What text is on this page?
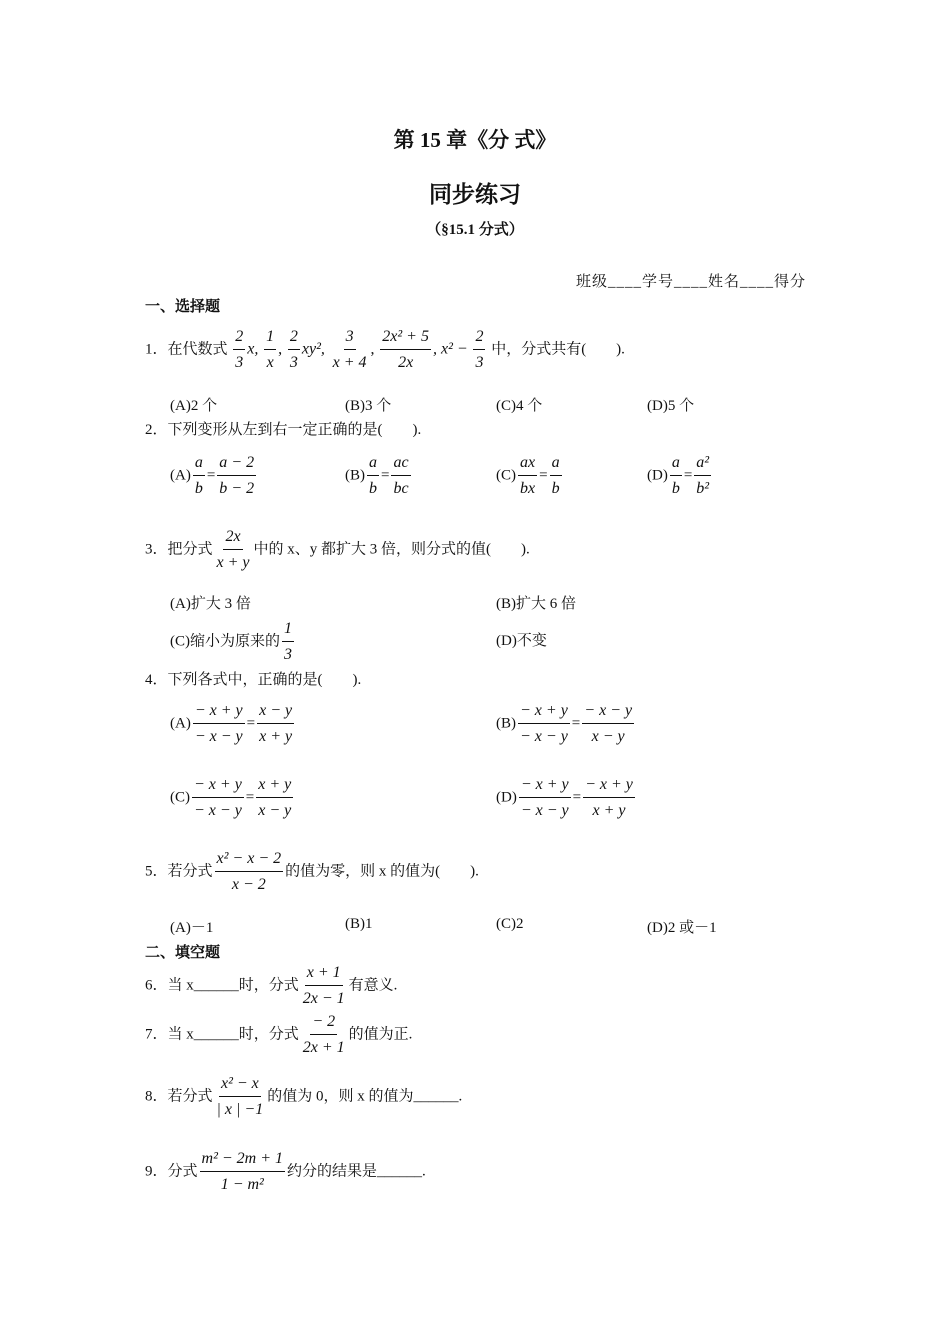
第 15 章《分 式》
同步练习
（§15.1 分式）
班级____学号____姓名____得分
一、选择题
1．在代数式 $\frac{2}{3} x$, $\frac{1}{x}$ , $\frac{2}{3} xy^2$, $\frac{3}{x + 4}$ , $\frac{\text{2x² + 5}}{2x}$ , $x^2 - \frac{2}{3}$ 中，分式共有(　　).
(A)2 个	(B)3 个	(C)4 个	(D)5 个
2．下列变形从左到右一定正确的是(　　).
$(A) \frac{a}{b} = \frac{a - 2}{b - 2}$	$(B) \frac{a}{b} = \frac{ac}{bc}$	$(C) \frac{ax}{bx} = \frac{a}{b}$	$(D) \frac{a}{b} = \frac{\text{a²}}{\text{b²}}$
3．把分式 $\frac{2x}{x + y}$ 中的 x、y 都扩大 3 倍，则分式的值(　　).
(A)扩大 3 倍	(B)扩大 6 倍
(C)缩小为原来的 $\frac{1}{3}$	(D)不变
4．下列各式中，正确的是(　　).
$(A) \frac{- x + y}{- x - y} = \frac{x - y}{x + y}$	$(B) \frac{- x + y}{- x - y} = \frac{- x - y}{x - y}$
$(C) \frac{- x + y}{- x - y} = \frac{x + y}{x - y}$	$(D) \frac{- x + y}{- x - y} = \frac{- x + y}{x + y}$
5．若分式 $\frac{\text{x² − x − 2}}{x - 2}$ 的值为零，则 x 的值为(　　).
(A)－1	(B)1	(C)2	(D)2 或－1
二、填空题
6．当 x______时，分式 $\frac{x + 1}{2x - 1}$ 有意义.
7．当 x______时，分式 $\frac{- 2}{2x + 1}$ 的值为正.
8．若分式 $\frac{\text{x² − x}}{| x | -1}$ 的值为 0，则 x 的值为______.
9．分式 $\frac{\text{m² − 2m + 1}}{\text{1 − m²}}$ 约分的结果是______.
